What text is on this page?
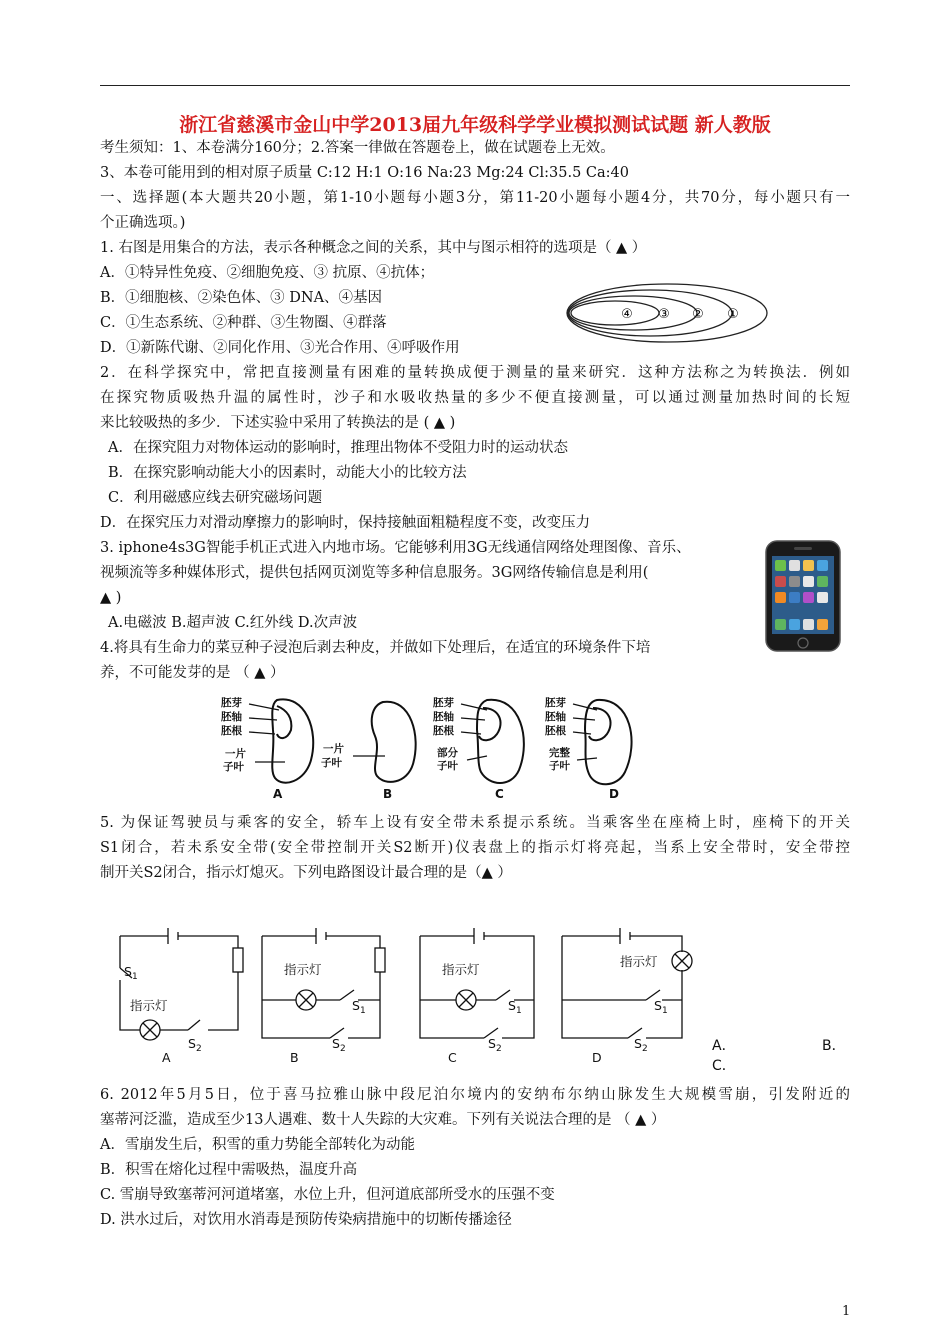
浙江省慈溪市金山中学2013届九年级科学学业模拟测试试题 新人教版
考生须知：1、本卷满分160分；2.答案一律做在答题卷上，做在试题卷上无效。
3、本卷可能用到的相对原子质量 C:12 H:1 O:16 Na:23 Mg:24 Cl:35.5 Ca:40
一、选择题(本大题共20小题，第1-10小题每小题3分，第11-20小题每小题4分，共70分，每小题只有一
个正确选项。)
1. 右图是用集合的方法，表示各种概念之间的关系，其中与图示相符的选项是（ ▲ ）
A．①特异性免疫、②细胞免疫、③ 抗原、④抗体；
B．①细胞核、②染色体、③ DNA、④基因
C．①生态系统、②种群、③生物圈、④群落
D．①新陈代谢、②同化作用、③光合作用、④呼吸作用
④ ③ ② ①
2．在科学探究中，常把直接测量有困难的量转换成便于测量的量来研究．这种方法称之为转换法．例如
在探究物质吸热升温的属性时，沙子和水吸收热量的多少不便直接测量，可以通过测量加热时间的长短
来比较吸热的多少．下述实验中采用了转换法的是 ( ▲ )
A．在探究阻力对物体运动的影响时，推理出物体不受阻力时的运动状态
B．在探究影响动能大小的因素时，动能大小的比较方法
C．利用磁感应线去研究磁场问题
D．在探究压力对滑动摩擦力的影响时，保持接触面粗糙程度不变，改变压力
3. iphone4s3G智能手机正式进入内地市场。它能够利用3G无线通信网络处理图像、音乐、
视频流等多种媒体形式，提供包括网页浏览等多种信息服务。3G网络传输信息是利用(
▲ )
A.电磁波 B.超声波 C.红外线 D.次声波
4.将具有生命力的菜豆种子浸泡后剥去种皮，并做如下处理后，在适宜的环境条件下培
养，不可能发芽的是 （ ▲ ）
胚芽
胚轴
胚根
一片
子叶
A
一片
子叶
B
胚芽
胚轴
胚根
部分
子叶
C
胚芽
胚轴
胚根
完整
子叶
D
5. 为保证驾驶员与乘客的安全，轿车上设有安全带未系提示系统。当乘客坐在座椅上时，座椅下的开关
S1闭合，若未系安全带(安全带控制开关S2断开)仪表盘上的指示灯将亮起，当系上安全带时，安全带控
制开关S2闭合，指示灯熄灭。下列电路图设计最合理的是（▲ ）
$S_1$
指示灯
$S_2$
A
指示灯
$S_1$
$S_2$
B
指示灯
$S_1$
$S_2$
C
指示灯
$S_1$
$S_2$
D
A．	B．
C．
6. 2012年5月5日，位于喜马拉雅山脉中段尼泊尔境内的安纳布尔纳山脉发生大规模雪崩，引发附近的
塞蒂河泛滥，造成至少13人遇难、数十人失踪的大灾难。下列有关说法合理的是 （ ▲ ）
A．雪崩发生后，积雪的重力势能全部转化为动能
B．积雪在熔化过程中需吸热，温度升高
C. 雪崩导致塞蒂河河道堵塞，水位上升，但河道底部所受水的压强不变
D. 洪水过后，对饮用水消毒是预防传染病措施中的切断传播途径
1
